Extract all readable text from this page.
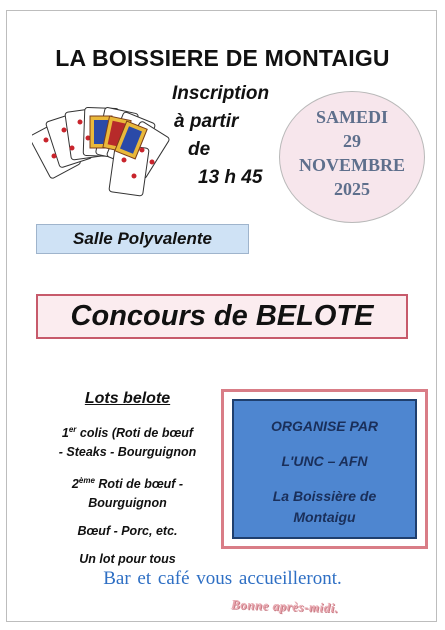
LA BOISSIERE DE MONTAIGU
Inscription
à partir
de
13 h 45
SAMEDI
29
NOVEMBRE
2025
Salle Polyvalente
Concours de BELOTE
Lots belote
1er colis (Roti de bœuf
- Steaks - Bourguignon
2ème Roti de bœuf -
Bourguignon
Bœuf - Porc, etc.
Un lot pour tous
ORGANISE PAR
L'UNC – AFN
La Boissière de
Montaigu
Bar et café vous accueilleront.
Bonne après-midi.
